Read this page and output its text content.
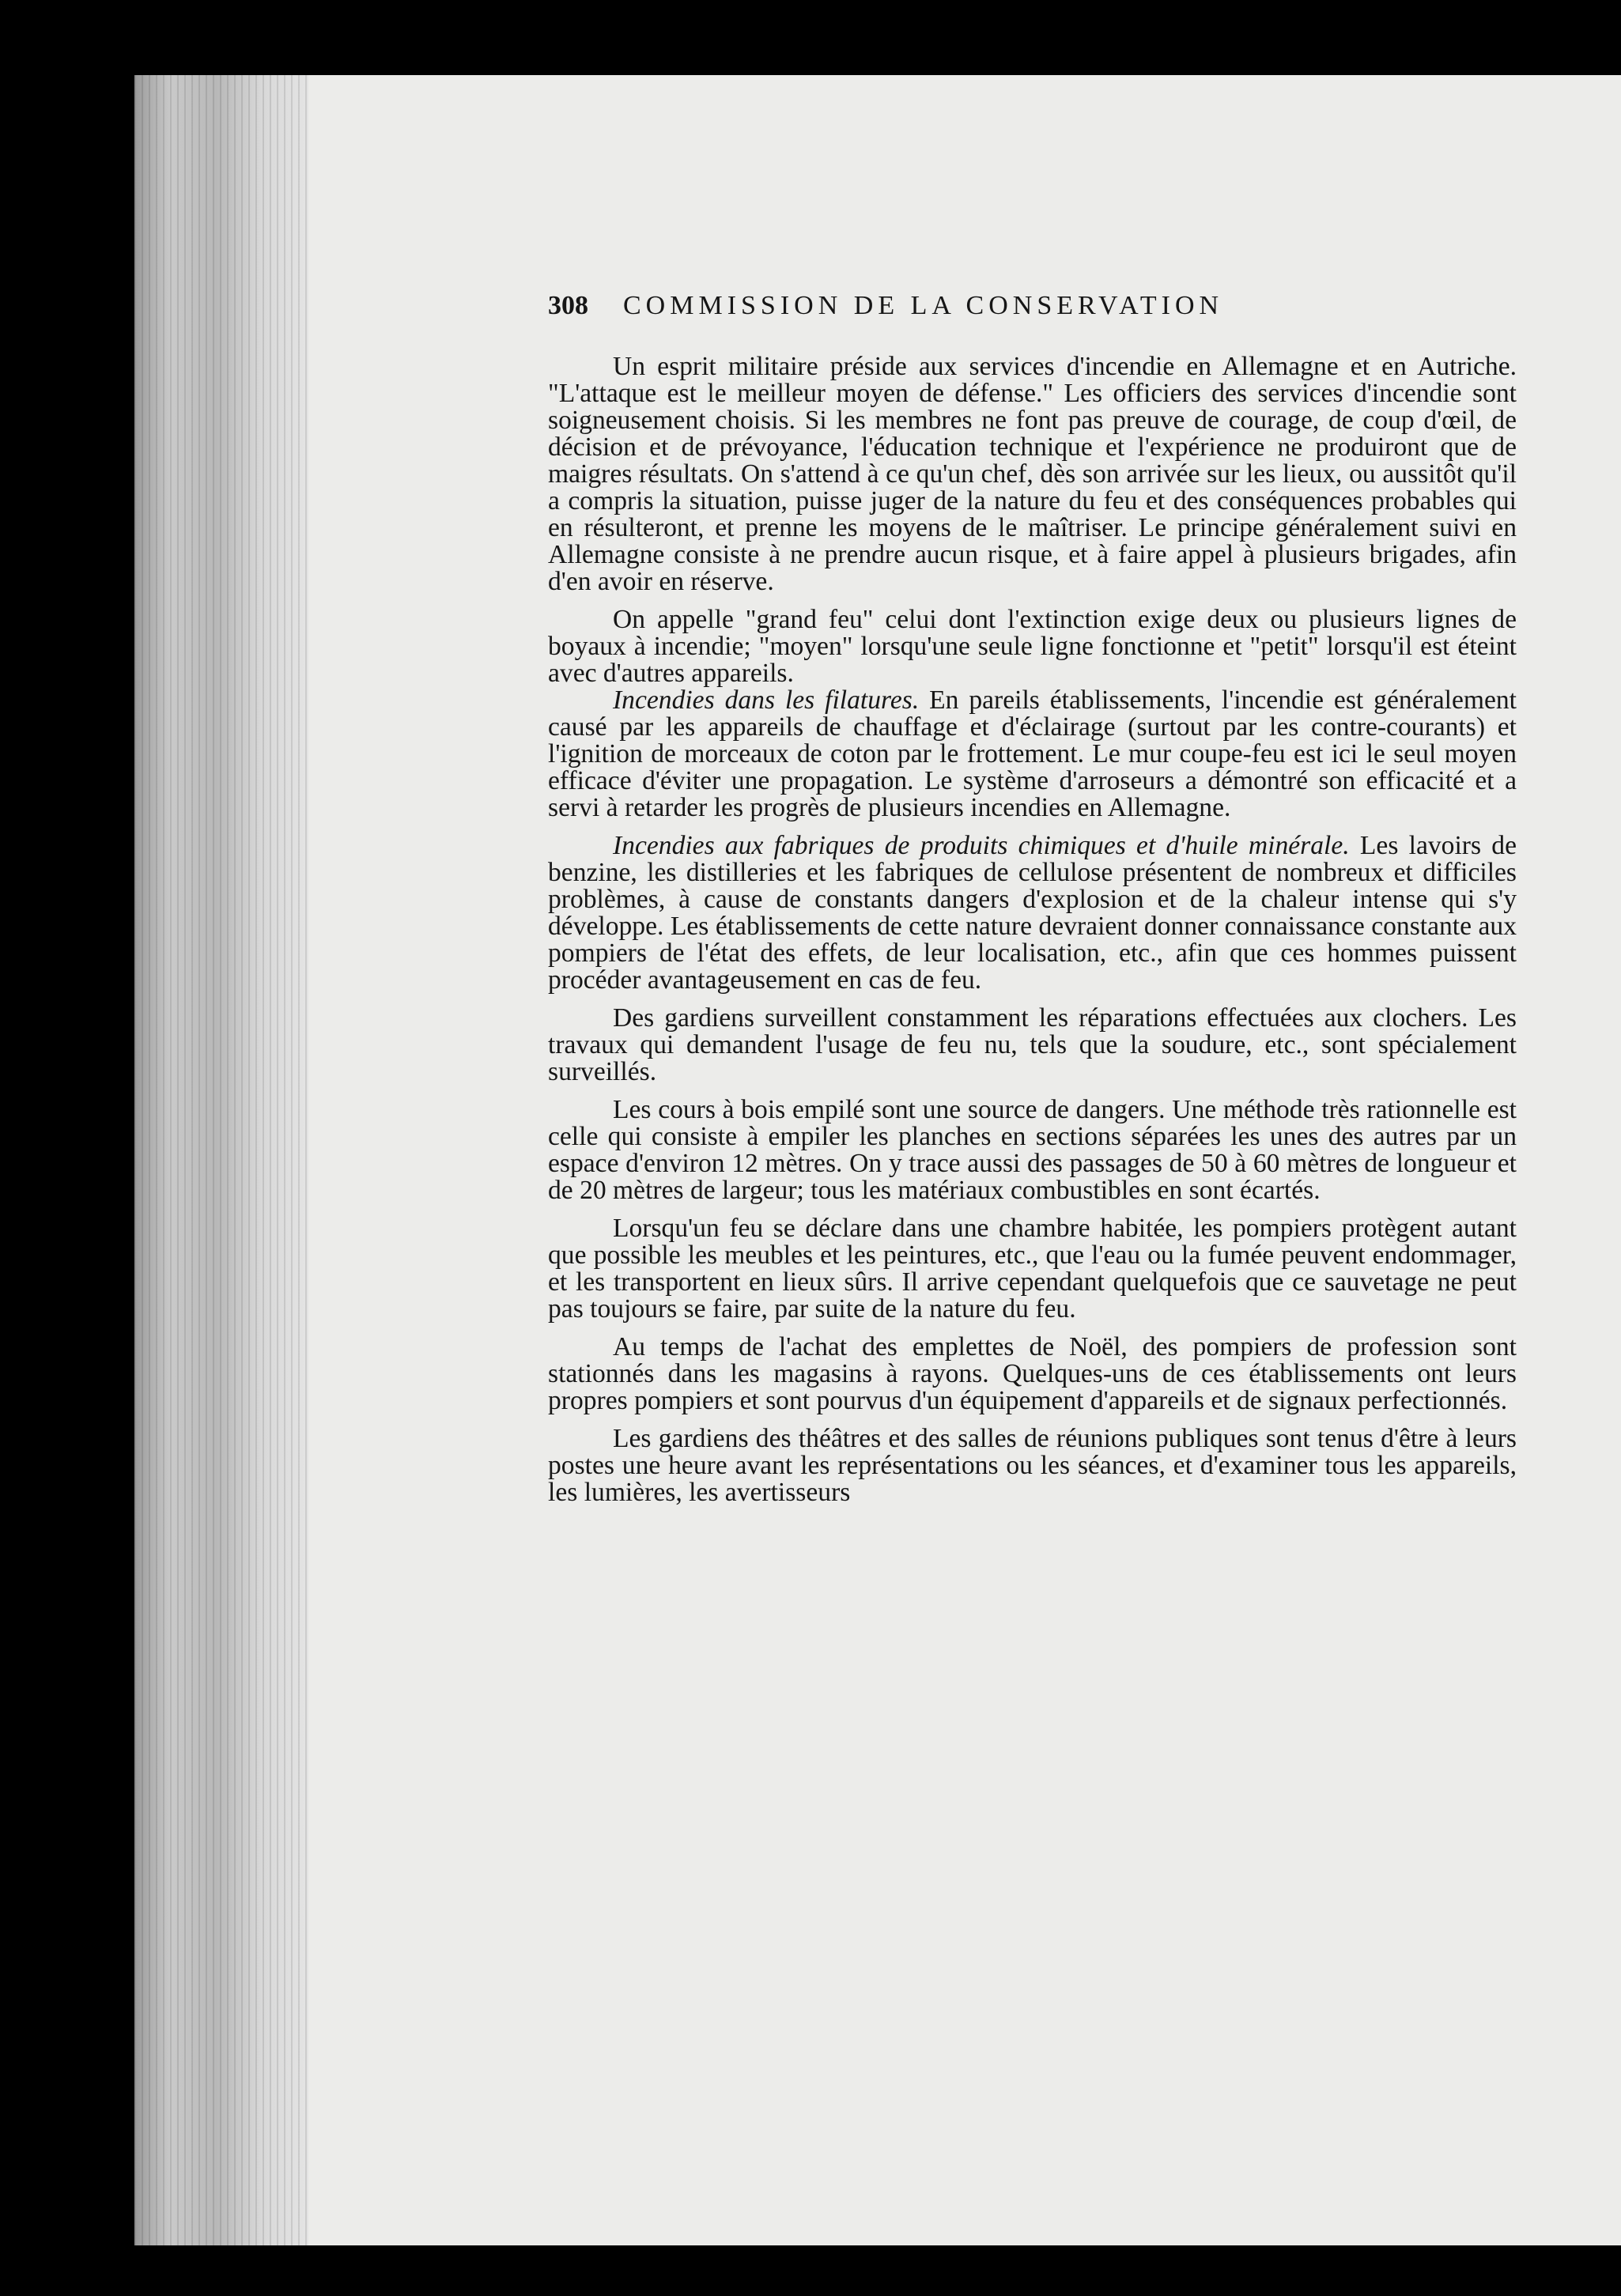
308	COMMISSION DE LA CONSERVATION

Un esprit militaire préside aux services d'incendie en Allemagne et en Autriche. "L'attaque est le meilleur moyen de défense." Les officiers des services d'incendie sont soigneusement choisis. Si les membres ne font pas preuve de courage, de coup d'œil, de décision et de prévoyance, l'éducation technique et l'expérience ne produiront que de maigres résultats. On s'attend à ce qu'un chef, dès son arrivée sur les lieux, ou aussitôt qu'il a compris la situation, puisse juger de la nature du feu et des conséquences probables qui en résulteront, et prenne les moyens de le maîtriser. Le principe généralement suivi en Allemagne consiste à ne prendre aucun risque, et à faire appel à plusieurs brigades, afin d'en avoir en réserve.

On appelle "grand feu" celui dont l'extinction exige deux ou plusieurs lignes de boyaux à incendie; "moyen" lorsqu'une seule ligne fonctionne et "petit" lorsqu'il est éteint avec d'autres appareils.

Incendies dans les filatures. En pareils établissements, l'incendie est généralement causé par les appareils de chauffage et d'éclairage (surtout par les contre-courants) et l'ignition de morceaux de coton par le frottement. Le mur coupe-feu est ici le seul moyen efficace d'éviter une propagation. Le système d'arroseurs a démontré son efficacité et a servi à retarder les progrès de plusieurs incendies en Allemagne.

Incendies aux fabriques de produits chimiques et d'huile minérale. Les lavoirs de benzine, les distilleries et les fabriques de cellulose présentent de nombreux et difficiles problèmes, à cause de constants dangers d'explosion et de la chaleur intense qui s'y développe. Les établissements de cette nature devraient donner connaissance constante aux pompiers de l'état des effets, de leur localisation, etc., afin que ces hommes puissent procéder avantageusement en cas de feu.

Des gardiens surveillent constamment les réparations effectuées aux clochers. Les travaux qui demandent l'usage de feu nu, tels que la soudure, etc., sont spécialement surveillés.

Les cours à bois empilé sont une source de dangers. Une méthode très rationnelle est celle qui consiste à empiler les planches en sections séparées les unes des autres par un espace d'environ 12 mètres. On y trace aussi des passages de 50 à 60 mètres de longueur et de 20 mètres de largeur; tous les matériaux combustibles en sont écartés.

Lorsqu'un feu se déclare dans une chambre habitée, les pompiers protègent autant que possible les meubles et les peintures, etc., que l'eau ou la fumée peuvent endommager, et les transportent en lieux sûrs. Il arrive cependant quelquefois que ce sauvetage ne peut pas toujours se faire, par suite de la nature du feu.

Au temps de l'achat des emplettes de Noël, des pompiers de profession sont stationnés dans les magasins à rayons. Quelques-uns de ces établissements ont leurs propres pompiers et sont pourvus d'un équipement d'appareils et de signaux perfectionnés.

Les gardiens des théâtres et des salles de réunions publiques sont tenus d'être à leurs postes une heure avant les représentations ou les séances, et d'examiner tous les appareils, les lumières, les avertisseurs
